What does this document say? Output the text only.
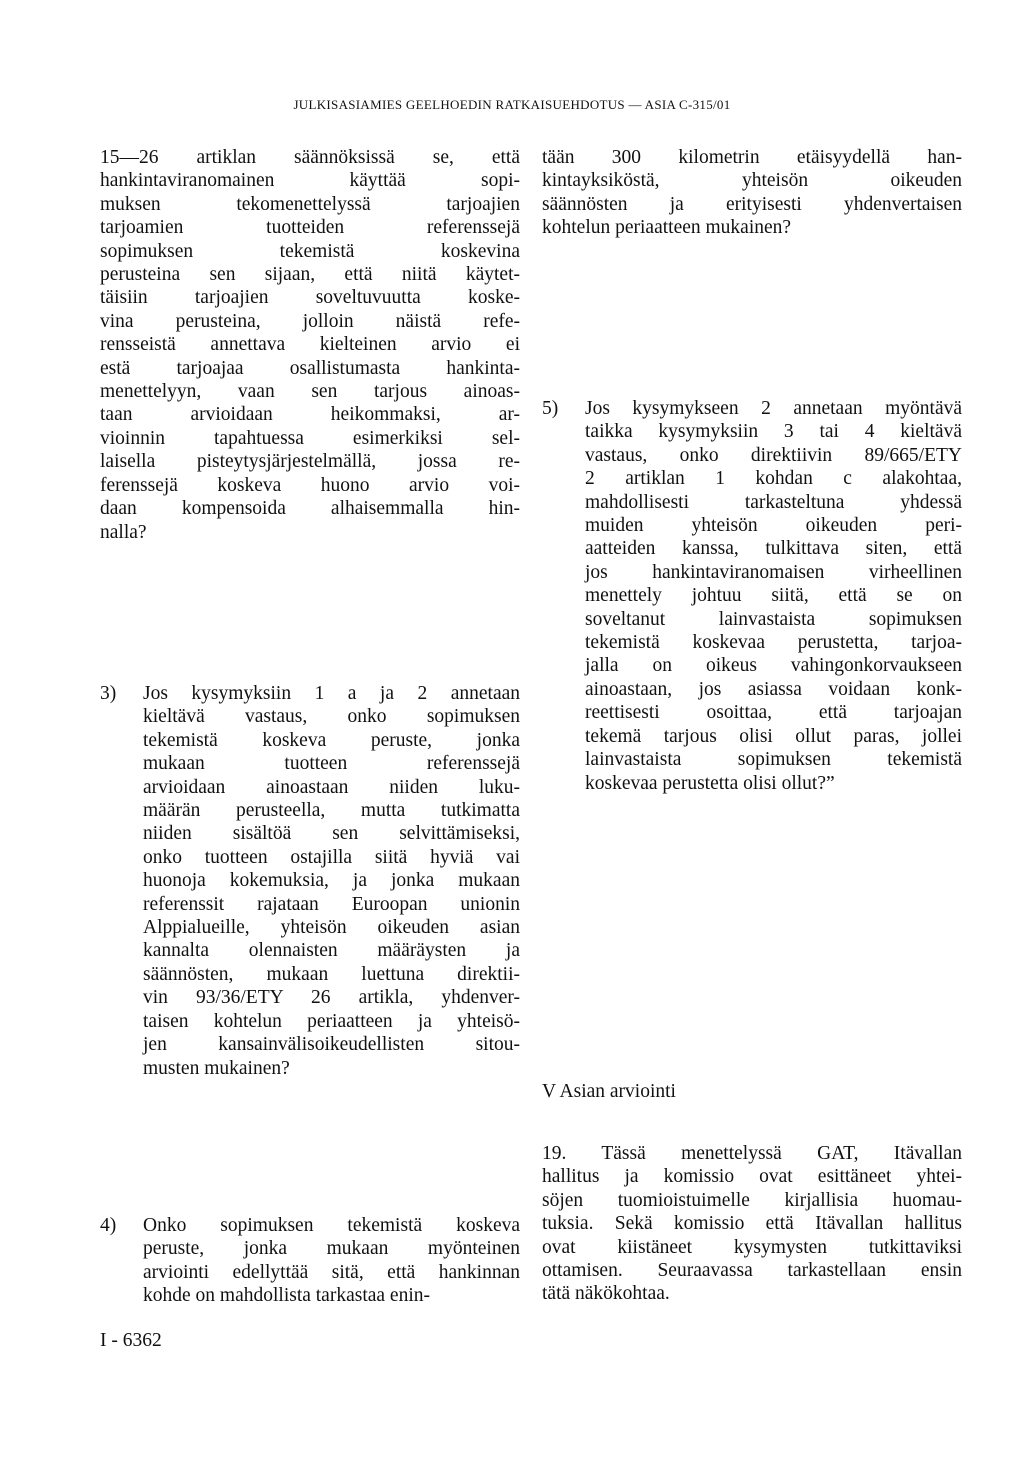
JULKISASIAMIES GEELHOEDIN RATKAISUEHDOTUS — ASIA C-315/01

15—26 artiklan säännöksissä se, että
hankintaviranomainen käyttää sopi-
muksen tekomenettelyssä tarjoajien
tarjoamien tuotteiden referenssejä
sopimuksen tekemistä koskevina
perusteina sen sijaan, että niitä käytet-
täisiin tarjoajien soveltuvuutta koske-
vina perusteina, jolloin näistä refe-
rensseistä annettava kielteinen arvio ei
estä tarjoajaa osallistumasta hankinta-
menettelyyn, vaan sen tarjous ainoas-
taan arvioidaan heikommaksi, ar-
vioinnin tapahtuessa esimerkiksi sel-
laisella pisteytysjärjestelmällä, jossa re-
ferenssejä koskeva huono arvio voi-
daan kompensoida alhaisemmalla hin-
nalla?

3) Jos kysymyksiin 1 a ja 2 annetaan
kieltävä vastaus, onko sopimuksen
tekemistä koskeva peruste, jonka
mukaan tuotteen referenssejä
arvioidaan ainoastaan niiden luku-
määrän perusteella, mutta tutkimatta
niiden sisältöä sen selvittämiseksi,
onko tuotteen ostajilla siitä hyviä vai
huonoja kokemuksia, ja jonka mukaan
referenssit rajataan Euroopan unionin
Alppialueille, yhteisön oikeuden asian
kannalta olennaisten määräysten ja
säännösten, mukaan luettuna direktii-
vin 93/36/ETY 26 artikla, yhdenver-
taisen kohtelun periaatteen ja yhteisö-
jen kansainvälisoikeudellisten sitou-
musten mukainen?
4) Onko sopimuksen tekemistä koskeva
peruste, jonka mukaan myönteinen
arviointi edellyttää sitä, että hankinnan
kohde on mahdollista tarkastaa enin-

tään 300 kilometrin etäisyydellä han-
kintayksiköstä, yhteisön oikeuden
säännösten ja erityisesti yhdenvertaisen
kohtelun periaatteen mukainen?

5) Jos kysymykseen 2 annetaan myöntävä
taikka kysymyksiin 3 tai 4 kieltävä
vastaus, onko direktiivin 89/665/ETY
2 artiklan 1 kohdan c alakohtaa,
mahdollisesti tarkasteltuna yhdessä
muiden yhteisön oikeuden peri-
aatteiden kanssa, tulkittava siten, että
jos hankintaviranomaisen virheellinen
menettely johtuu siitä, että se on
soveltanut lainvastaista sopimuksen
tekemistä koskevaa perustetta, tarjoa-
jalla on oikeus vahingonkorvaukseen
ainoastaan, jos asiassa voidaan konk-
reettisesti osoittaa, että tarjoajan
tekemä tarjous olisi ollut paras, jollei
lainvastaista sopimuksen tekemistä
koskevaa perustetta olisi ollut?”
V Asian arviointi

19. Tässä menettelyssä GAT, Itävallan
hallitus ja komissio ovat esittäneet yhtei-
söjen tuomioistuimelle kirjallisia huomau-
tuksia. Sekä komissio että Itävallan hallitus
ovat kiistäneet kysymysten tutkittaviksi
ottamisen. Seuraavassa tarkastellaan ensin
tätä näkökohtaa.

I - 6362
